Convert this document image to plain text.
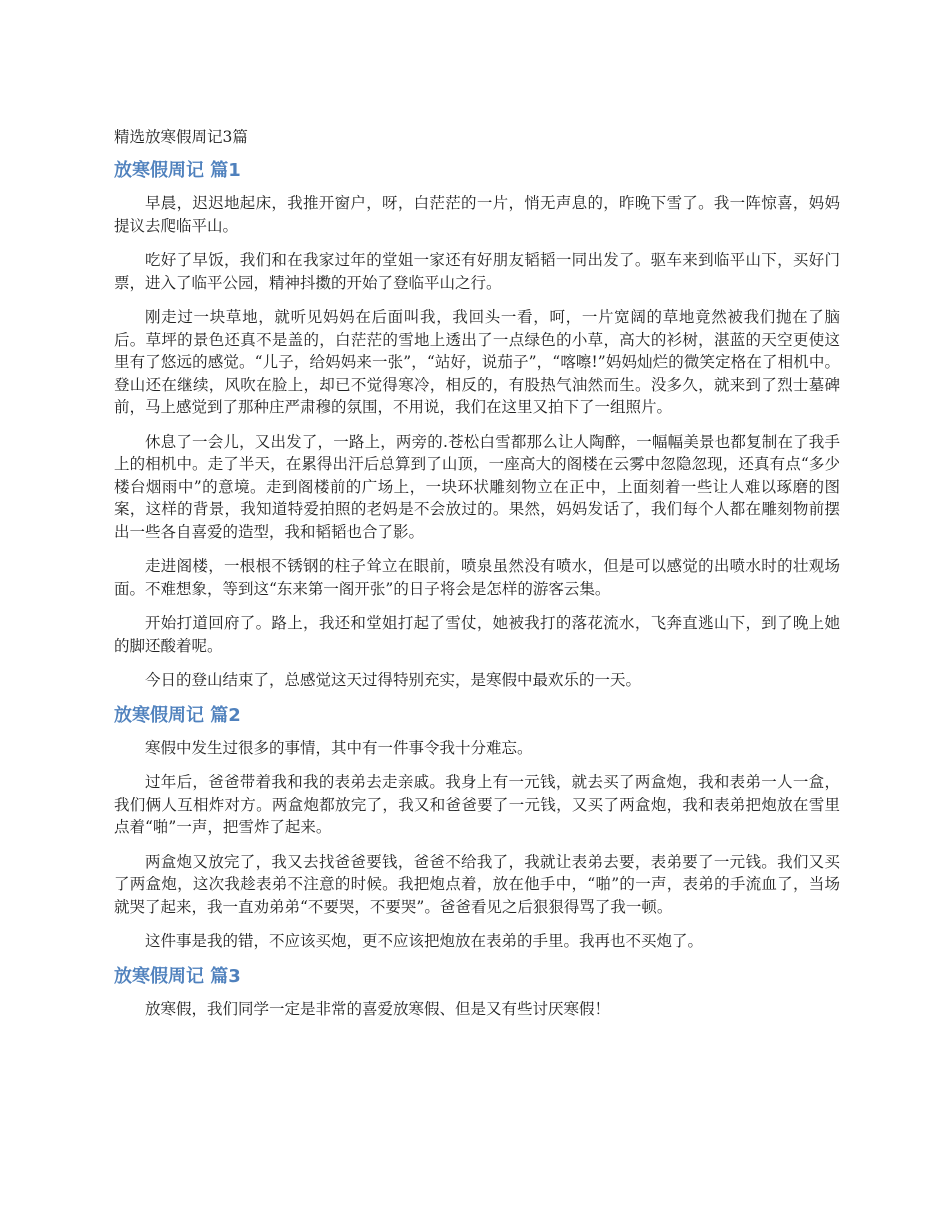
精选放寒假周记3篇
放寒假周记 篇1

早晨，迟迟地起床，我推开窗户，呀，白茫茫的一片，悄无声息的，昨晚下雪了。我一阵惊喜，妈妈提议去爬临平山。

吃好了早饭，我们和在我家过年的堂姐一家还有好朋友韬韬一同出发了。驱车来到临平山下，买好门票，进入了临平公园，精神抖擞的开始了登临平山之行。

刚走过一块草地，就听见妈妈在后面叫我，我回头一看，呵，一片宽阔的草地竟然被我们抛在了脑后。草坪的景色还真不是盖的，白茫茫的雪地上透出了一点绿色的小草，高大的衫树，湛蓝的天空更使这里有了悠远的感觉。“儿子，给妈妈来一张”，“站好，说茄子”，“喀嚓!”妈妈灿烂的微笑定格在了相机中。登山还在继续，风吹在脸上，却已不觉得寒冷，相反的，有股热气油然而生。没多久，就来到了烈士墓碑前，马上感觉到了那种庄严肃穆的氛围，不用说，我们在这里又拍下了一组照片。

休息了一会儿，又出发了，一路上，两旁的.苍松白雪都那么让人陶醉，一幅幅美景也都复制在了我手上的相机中。走了半天，在累得出汗后总算到了山顶，一座高大的阁楼在云雾中忽隐忽现，还真有点“多少楼台烟雨中”的意境。走到阁楼前的广场上，一块环状雕刻物立在正中，上面刻着一些让人难以琢磨的图案，这样的背景，我知道特爱拍照的老妈是不会放过的。果然，妈妈发话了，我们每个人都在雕刻物前摆出一些各自喜爱的造型，我和韬韬也合了影。

走进阁楼，一根根不锈钢的柱子耸立在眼前，喷泉虽然没有喷水，但是可以感觉的出喷水时的壮观场面。不难想象，等到这“东来第一阁开张”的日子将会是怎样的游客云集。

开始打道回府了。路上，我还和堂姐打起了雪仗，她被我打的落花流水，飞奔直逃山下，到了晚上她的脚还酸着呢。

今日的登山结束了，总感觉这天过得特别充实，是寒假中最欢乐的一天。

放寒假周记 篇2

寒假中发生过很多的事情，其中有一件事令我十分难忘。

过年后，爸爸带着我和我的表弟去走亲戚。我身上有一元钱，就去买了两盒炮，我和表弟一人一盒，我们俩人互相炸对方。两盒炮都放完了，我又和爸爸要了一元钱，又买了两盒炮，我和表弟把炮放在雪里点着“啪”一声，把雪炸了起来。

两盒炮又放完了，我又去找爸爸要钱，爸爸不给我了，我就让表弟去要，表弟要了一元钱。我们又买了两盒炮，这次我趁表弟不注意的时候。我把炮点着，放在他手中，“啪”的一声，表弟的手流血了，当场就哭了起来，我一直劝弟弟“不要哭，不要哭”。爸爸看见之后狠狠得骂了我一顿。

这件事是我的错，不应该买炮，更不应该把炮放在表弟的手里。我再也不买炮了。

放寒假周记 篇3

放寒假，我们同学一定是非常的喜爱放寒假、但是又有些讨厌寒假！
